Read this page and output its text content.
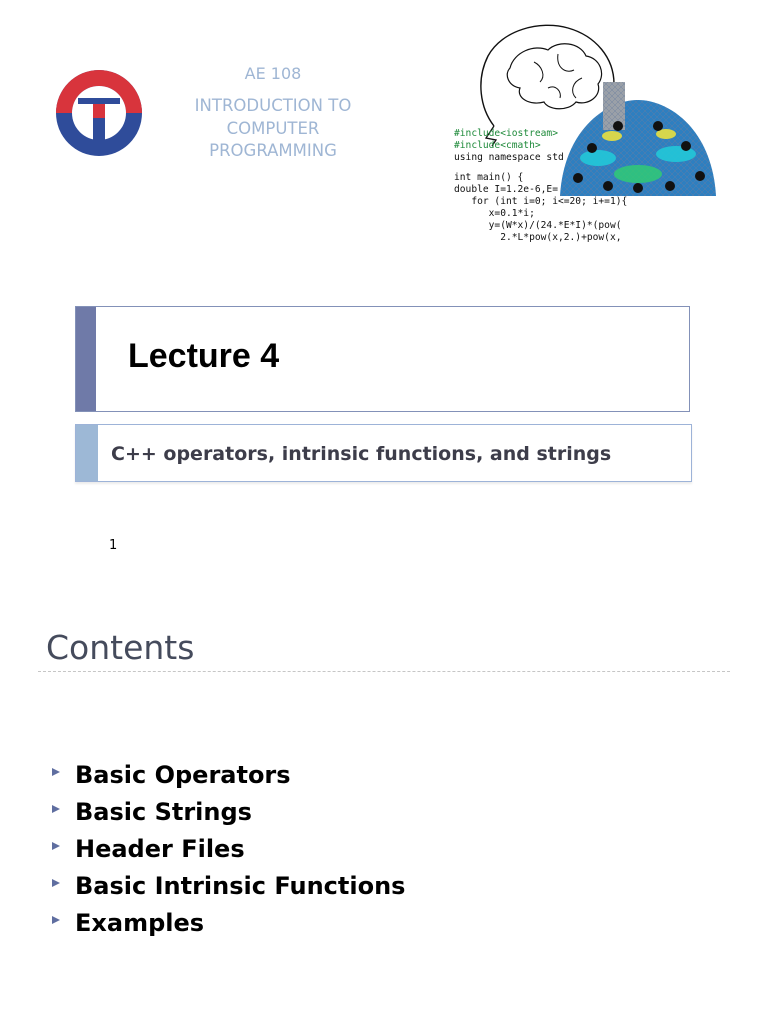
AE 108
INTRODUCTION TO
COMPUTER
PROGRAMMING
#include<iostream>
#include<cmath>
using namespace std
int main() {
double I=1.2e-6,E=
for (int i=0; i<=20; i+=1){
x=0.1*i;
y=(W*x)/(24.*E*I)*(pow(
2.*L*pow(x,2.)+pow(x,
Lecture 4
C++ operators, intrinsic functions, and strings
1
Contents
Basic Operators
Basic Strings
Header Files
Basic Intrinsic Functions
Examples
